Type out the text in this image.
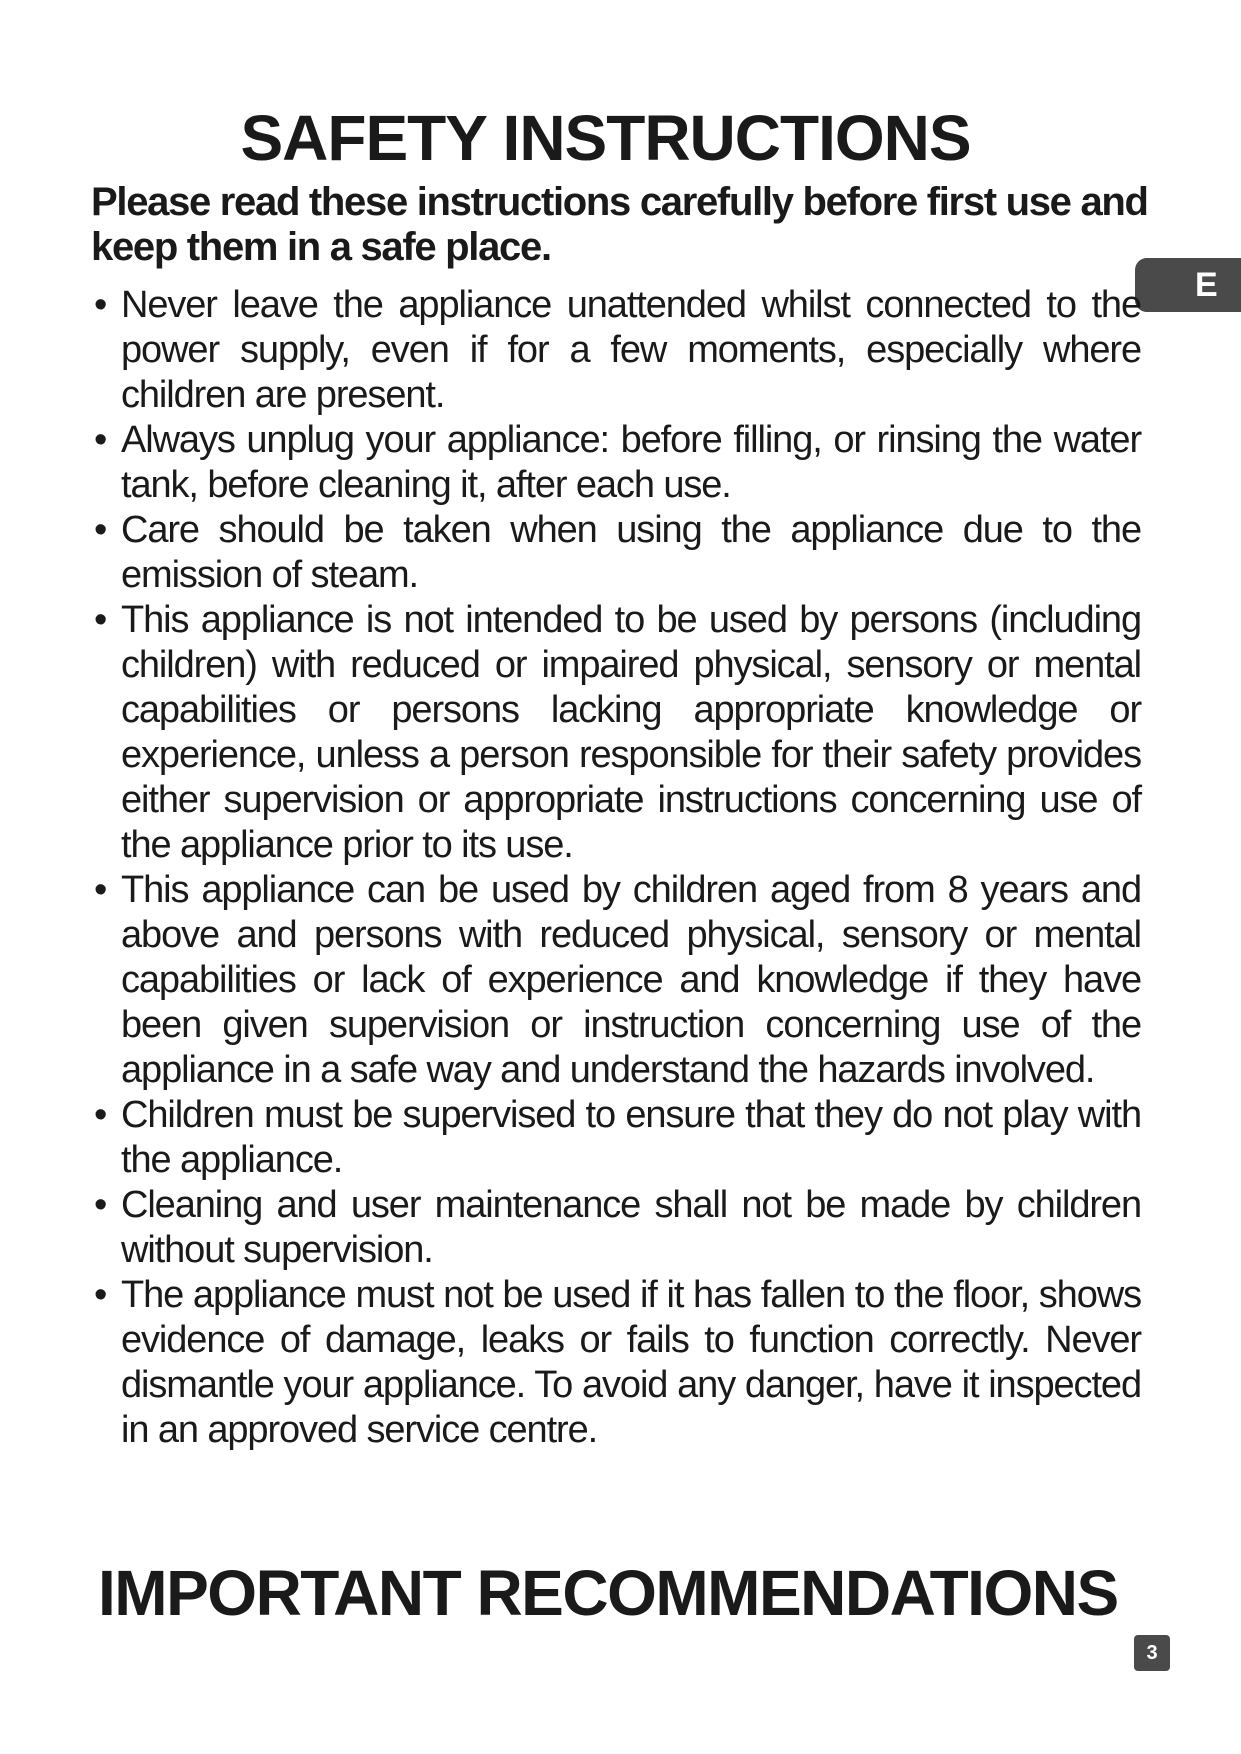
SAFETY INSTRUCTIONS

Please read these instructions carefully before first use and keep them in a safe place.

E
• Never leave the appliance unattended whilst connected to the power supply, even if for a few moments, especially where children are present.
• Always unplug your appliance: before filling, or rinsing the water tank, before cleaning it, after each use.
• Care should be taken when using the appliance due to the emission of steam.
• This appliance is not intended to be used by persons (including children) with reduced or impaired physical, sensory or mental capabilities or persons lacking appropriate knowledge or experience, unless a person responsible for their safety provides either supervision or appropriate instructions concerning use of the appliance prior to its use.
• This appliance can be used by children aged from 8 years and above and persons with reduced physical, sensory or mental capabilities or lack of experience and knowledge if they have been given supervision or instruction concerning use of the appliance in a safe way and understand the hazards involved.
• Children must be supervised to ensure that they do not play with the appliance.
• Cleaning and user maintenance shall not be made by children without supervision.
• The appliance must not be used if it has fallen to the floor, shows evidence of damage, leaks or fails to function correctly. Never dismantle your appliance. To avoid any danger, have it inspected in an approved service centre.
IMPORTANT RECOMMENDATIONS
3
